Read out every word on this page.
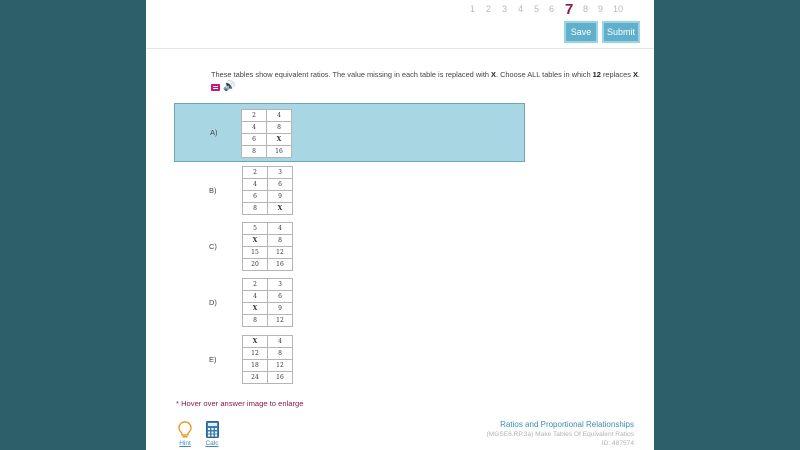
1 2 3 4 5 6 7 8 9 10
Save	Submit
These tables show equivalent ratios. The value missing in each table is replaced with X. Choose ALL tables in which 12 replaces X.
🔊
A)
2	4
4	8
6	X
8	16
B)
2	3
4	6
6	9
8	X
C)
5	4
X	8
15	12
20	16
D)
2	3
4	6
X	9
8	12
E)
X	4
12	8
18	12
24	16
* Hover over answer image to enlarge
Hint	Calc
Ratios and Proportional Relationships
(MGSE6.RP.3a) Make Tables Of Equivalent Ratios
ID: 487574
